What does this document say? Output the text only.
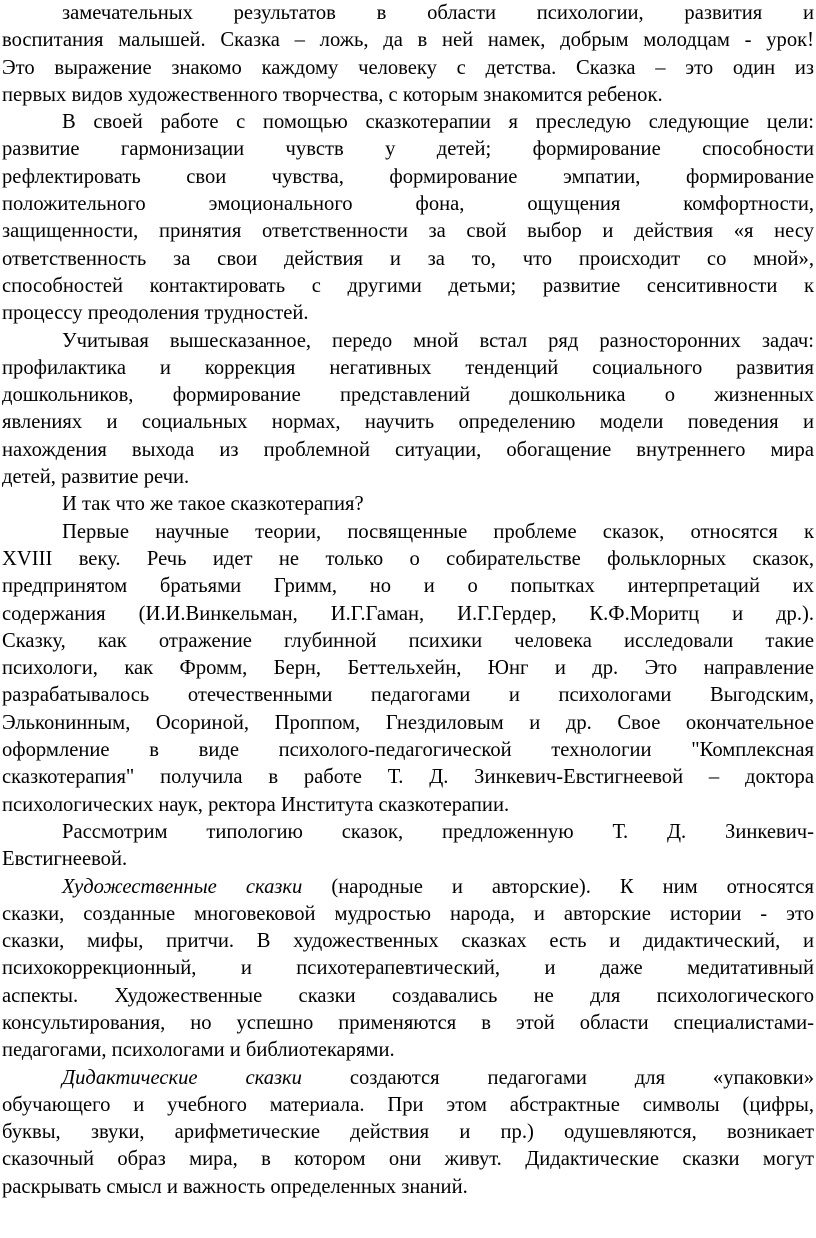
замечательных результатов в области психологии, развития и
воспитания малышей. Сказка – ложь, да в ней намек, добрым молодцам - урок!
Это выражение знакомо каждому человеку с детства. Сказка – это один из
первых видов художественного творчества, с которым знакомится ребенок.
В своей работе с помощью сказкотерапии я преследую следующие цели:
развитие гармонизации чувств у детей; формирование способности
рефлектировать свои чувства, формирование эмпатии, формирование
положительного эмоционального фона, ощущения комфортности,
защищенности, принятия ответственности за свой выбор и действия «я несу
ответственность за свои действия и за то, что происходит со мной»,
способностей контактировать с другими детьми; развитие сенситивности к
процессу преодоления трудностей.
Учитывая вышесказанное, передо мной встал ряд разносторонних задач:
профилактика и коррекция негативных тенденций социального развития
дошкольников, формирование представлений дошкольника о жизненных
явлениях и социальных нормах, научить определению модели поведения и
нахождения выхода из проблемной ситуации, обогащение внутреннего мира
детей, развитие речи.
И так что же такое сказкотерапия?
Первые научные теории, посвященные проблеме сказок, относятся к
XVIII веку. Речь идет не только о собирательстве фольклорных сказок,
предпринятом братьями Гримм, но и о попытках интерпретаций их
содержания (И.И.Винкельман, И.Г.Гаман, И.Г.Гердер, К.Ф.Моритц и др.).
Сказку, как отражение глубинной психики человека исследовали такие
психологи, как Фромм, Берн, Беттельхейн, Юнг и др. Это направление
разрабатывалось отечественными педагогами и психологами Выгодским,
Эльконинным, Осориной, Проппом, Гнездиловым и др. Свое окончательное
оформление в виде психолого-педагогической технологии "Комплексная
сказкотерапия" получила в работе Т. Д. Зинкевич-Евстигнеевой – доктора
психологических наук, ректора Института сказкотерапии.
Рассмотрим типологию сказок, предложенную Т. Д. Зинкевич-
Евстигнеевой.
Художественные сказки (народные и авторские). К ним относятся
сказки, созданные многовековой мудростью народа, и авторские истории - это
сказки, мифы, притчи. В художественных сказках есть и дидактический, и
психокоррекционный, и психотерапевтический, и даже медитативный
аспекты. Художественные сказки создавались не для психологического
консультирования, но успешно применяются в этой области специалистами-
педагогами, психологами и библиотекарями.
Дидактические сказки создаются педагогами для «упаковки»
обучающего и учебного материала. При этом абстрактные символы (цифры,
буквы, звуки, арифметические действия и пр.) одушевляются, возникает
сказочный образ мира, в котором они живут. Дидактические сказки могут
раскрывать смысл и важность определенных знаний.
